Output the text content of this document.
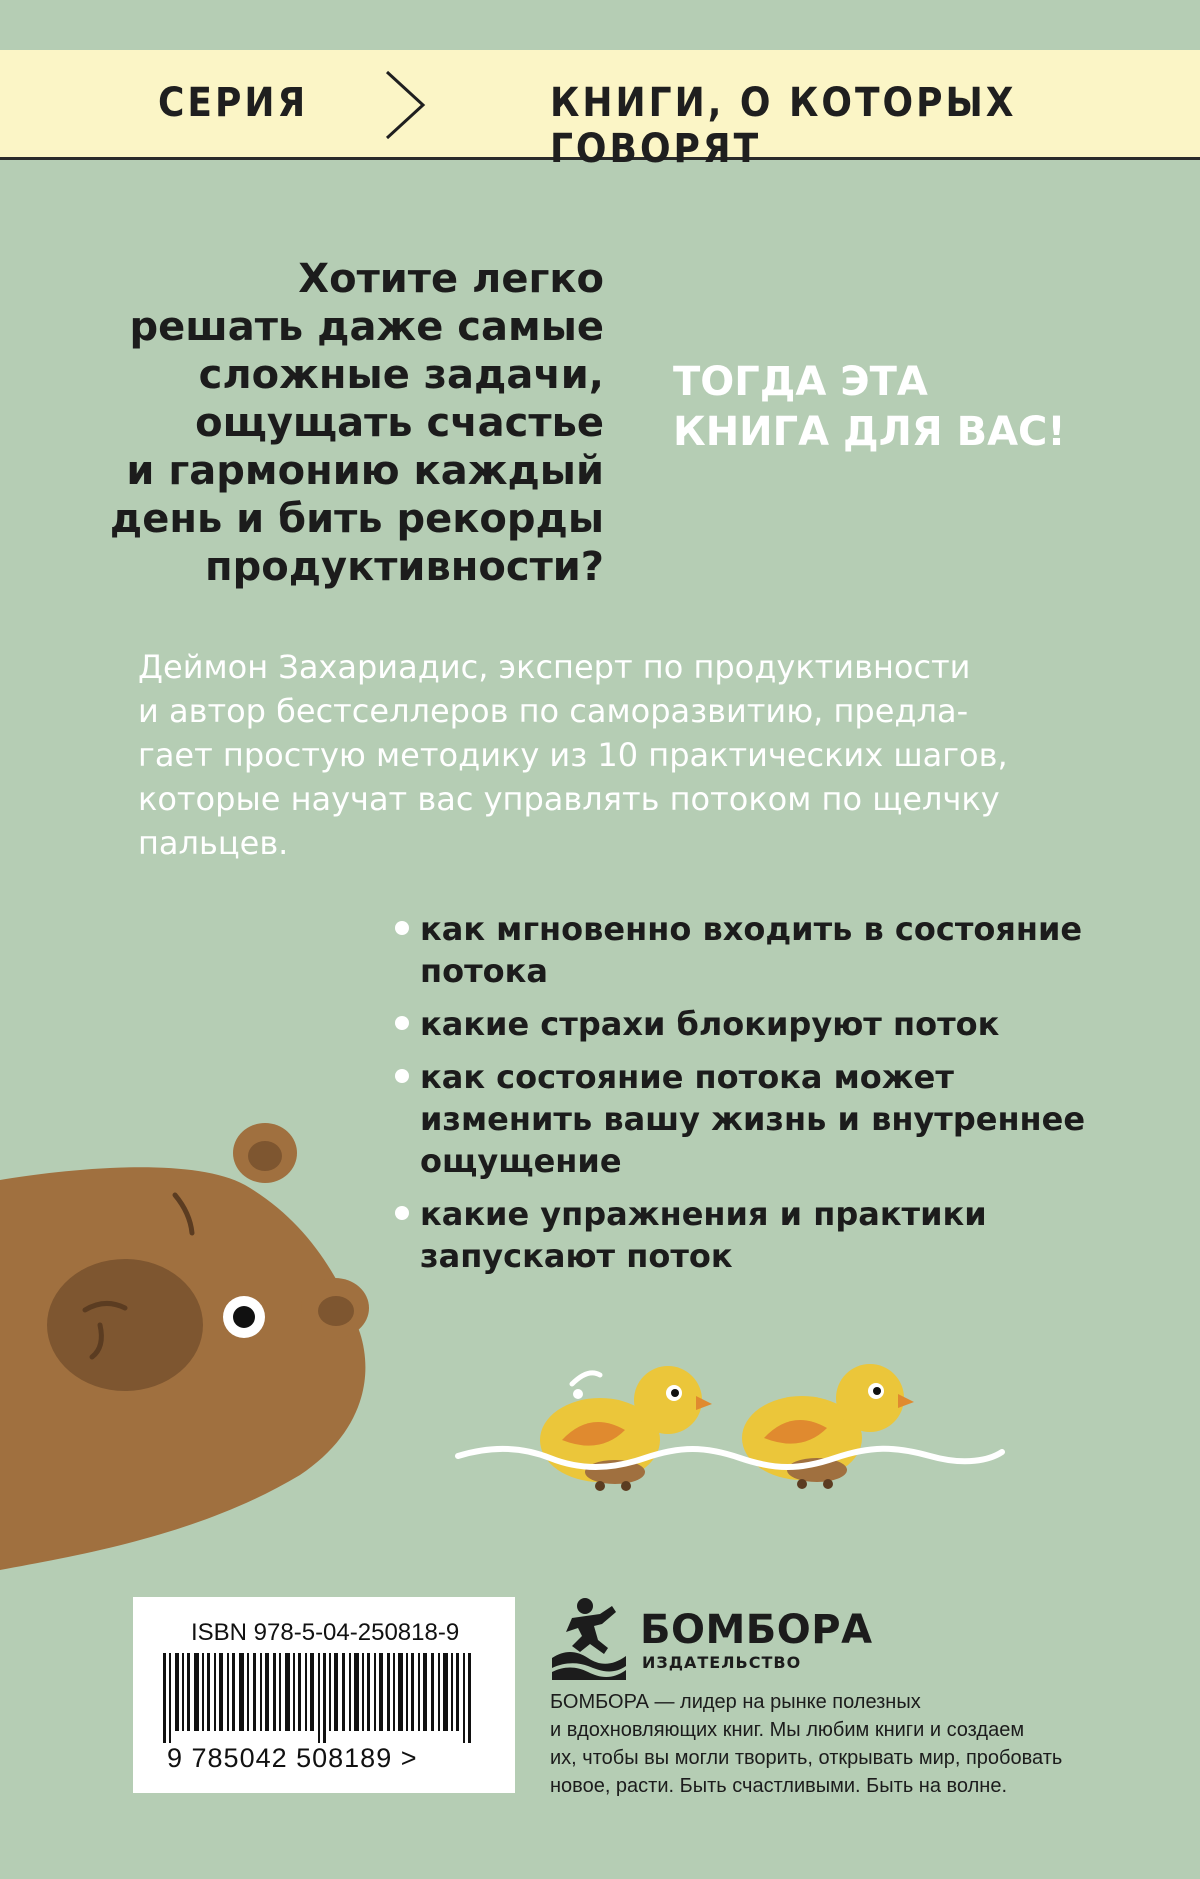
СЕРИЯ	КНИГИ, О КОТОРЫХ ГОВОРЯТ
Хотите легко
решать даже самые
сложные задачи,
ощущать счастье
и гармонию каждый
день и бить рекорды
продуктивности?
ТОГДА ЭТА
КНИГА ДЛЯ ВАС!
Деймон Захариадис, эксперт по продуктивности
и автор бестселлеров по саморазвитию, предла-
гает простую методику из 10 практических шагов,
которые научат вас управлять потоком по щелчку
пальцев.
как мгновенно входить в состояние
потока
какие страхи блокируют поток
как состояние потока может
изменить вашу жизнь и внутреннее
ощущение
какие упражнения и практики
запускают поток
ISBN 978-5-04-250818-9
9 785042 508189 >
БОМБОРА
ИЗДАТЕЛЬСТВО
БОМБОРА — лидер на рынке полезных
и вдохновляющих книг. Мы любим книги и создаем
их, чтобы вы могли творить, открывать мир, пробовать
новое, расти. Быть счастливыми. Быть на волне.
